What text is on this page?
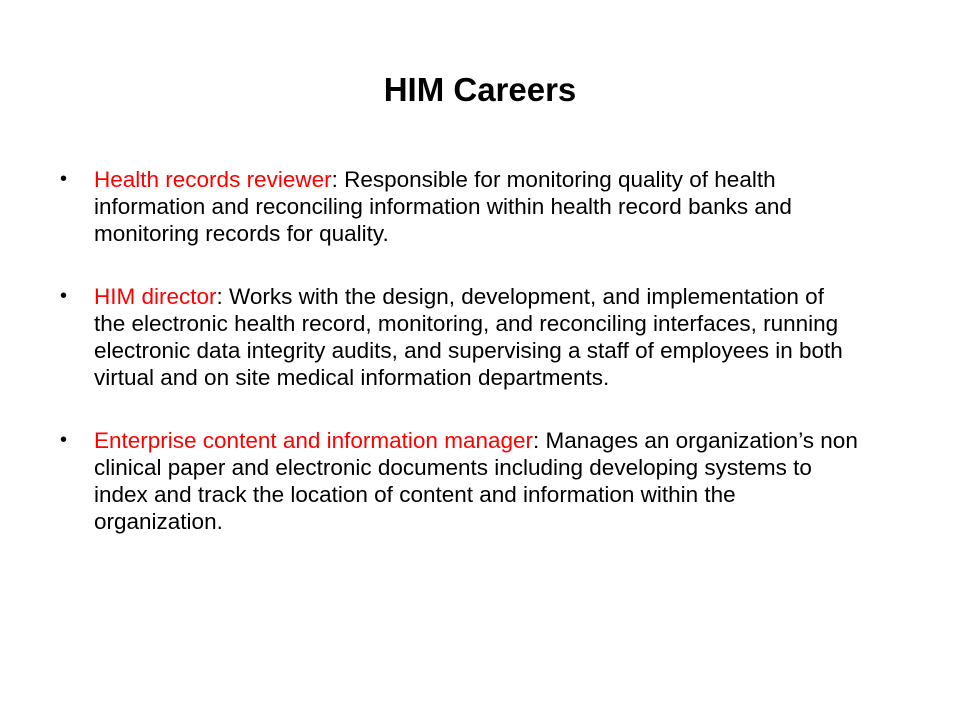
HIM Careers
•	Health records reviewer: Responsible for monitoring quality of health information and reconciling information within health record banks and monitoring records for quality.
•	HIM director: Works with the design, development, and implementation of the electronic health record, monitoring, and reconciling interfaces, running electronic data integrity audits, and supervising a staff of employees in both virtual and on site medical information departments.
•	Enterprise content and information manager: Manages an organization’s non clinical paper and electronic documents including developing systems to index and track the location of content and information within the organization.
